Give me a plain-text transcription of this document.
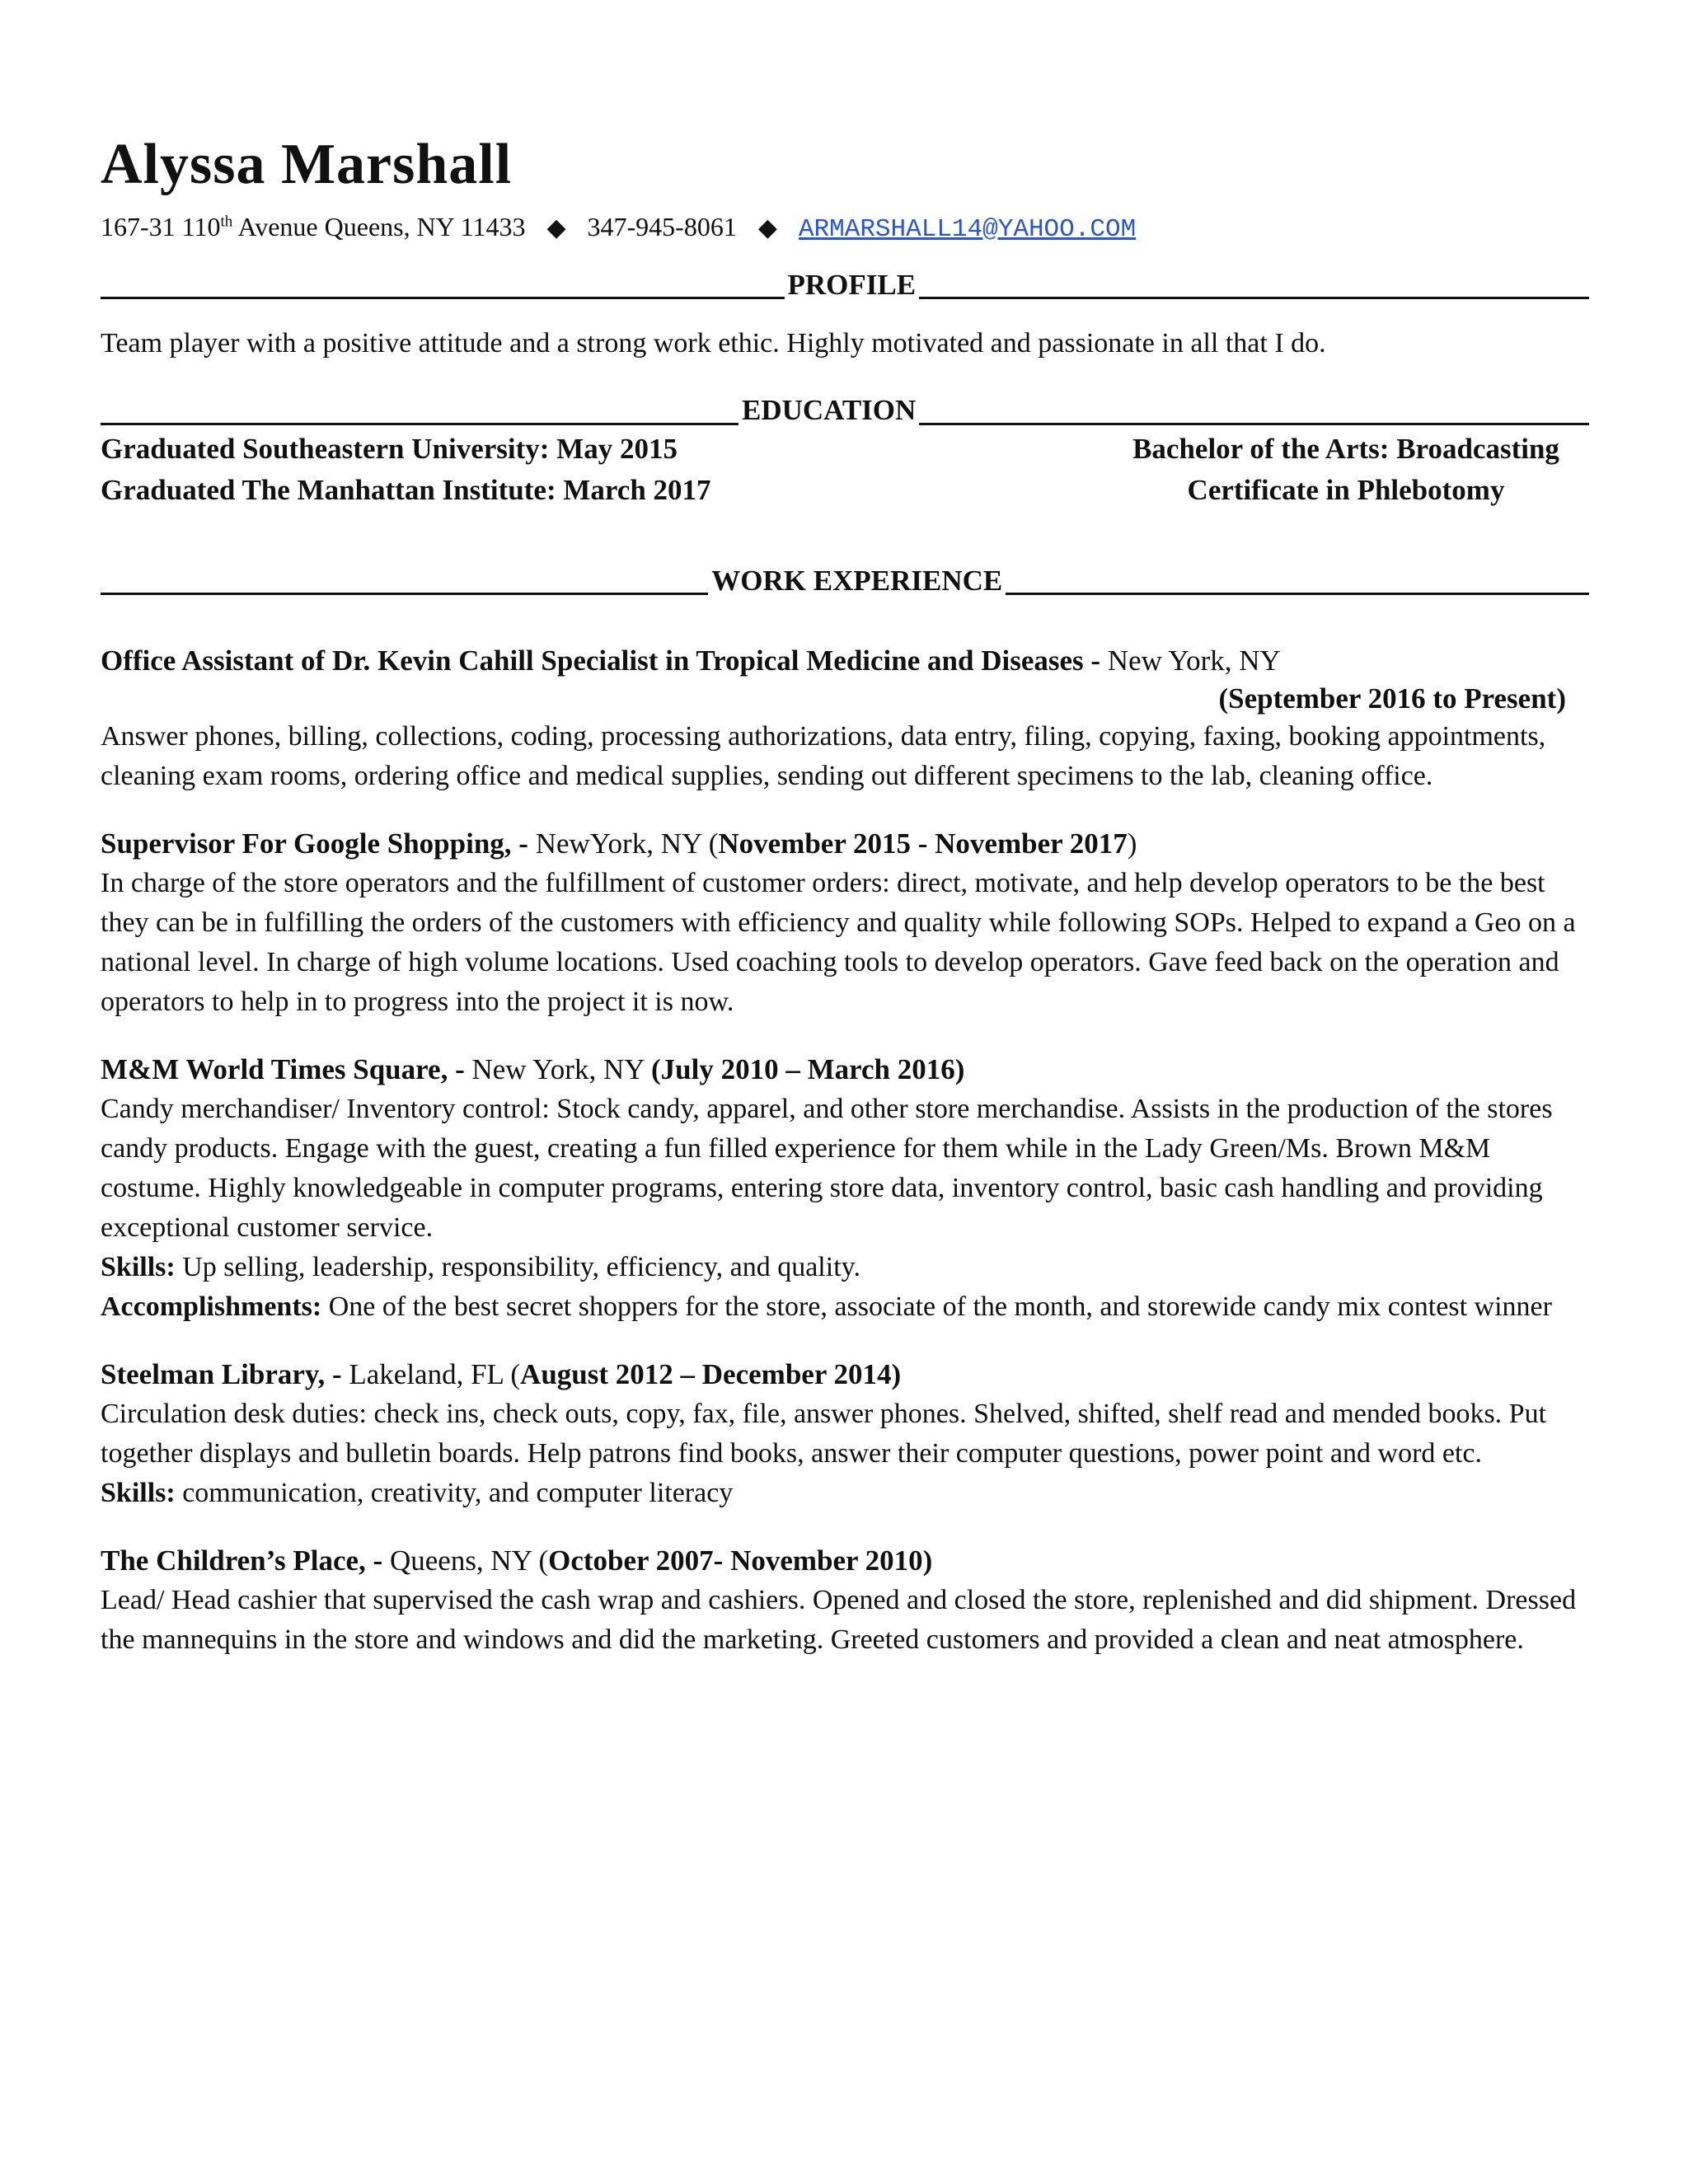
Alyssa Marshall
167-31 110th Avenue Queens, NY 11433 ◆ 347-945-8061 ◆ ARMARSHALL14@YAHOO.COM
PROFILE

Team player with a positive attitude and a strong work ethic. Highly motivated and passionate in all that I do.

EDUCATION
Graduated Southeastern University: May 2015	Bachelor of the Arts: Broadcasting
Graduated The Manhattan Institute: March 2017	Certificate in Phlebotomy
WORK EXPERIENCE

Office Assistant of Dr. Kevin Cahill Specialist in Tropical Medicine and Diseases - New York, NY

(September 2016 to Present)

Answer phones, billing, collections, coding, processing authorizations, data entry, filing, copying, faxing, booking appointments, cleaning exam rooms, ordering office and medical supplies, sending out different specimens to the lab, cleaning office.

Supervisor For Google Shopping, - NewYork, NY (November 2015 - November 2017)

In charge of the store operators and the fulfillment of customer orders: direct, motivate, and help develop operators to be the best they can be in fulfilling the orders of the customers with efficiency and quality while following SOPs. Helped to expand a Geo on a national level. In charge of high volume locations. Used coaching tools to develop operators. Gave feed back on the operation and operators to help in to progress into the project it is now.

M&M World Times Square, - New York, NY (July 2010 – March 2016)

Candy merchandiser/ Inventory control: Stock candy, apparel, and other store merchandise. Assists in the production of the stores candy products. Engage with the guest, creating a fun filled experience for them while in the Lady Green/Ms. Brown M&M costume. Highly knowledgeable in computer programs, entering store data, inventory control, basic cash handling and providing exceptional customer service.

Skills: Up selling, leadership, responsibility, efficiency, and quality.

Accomplishments: One of the best secret shoppers for the store, associate of the month, and storewide candy mix contest winner

Steelman Library, - Lakeland, FL (August 2012 – December 2014)

Circulation desk duties: check ins, check outs, copy, fax, file, answer phones. Shelved, shifted, shelf read and mended books. Put together displays and bulletin boards. Help patrons find books, answer their computer questions, power point and word etc.

Skills: communication, creativity, and computer literacy

The Children’s Place, - Queens, NY (October 2007- November 2010)

Lead/ Head cashier that supervised the cash wrap and cashiers. Opened and closed the store, replenished and did shipment. Dressed the mannequins in the store and windows and did the marketing. Greeted customers and provided a clean and neat atmosphere.
